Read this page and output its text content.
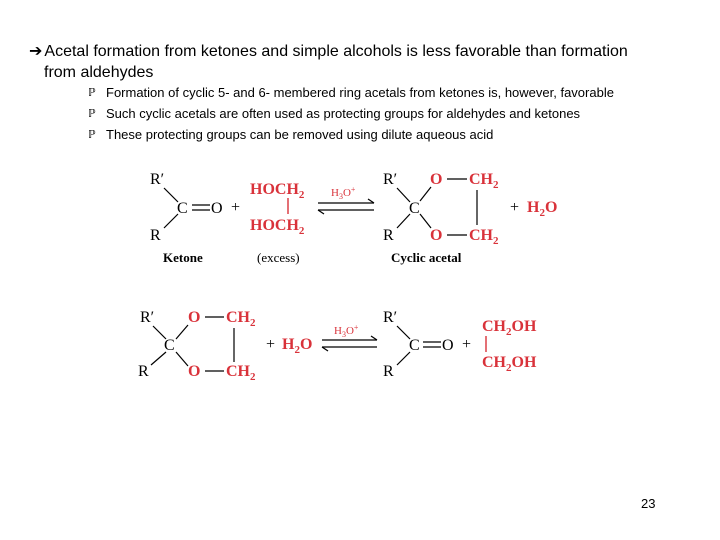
➔ Acetal formation from ketones and simple alcohols is less favorable than formation
from aldehydes
ℙ Formation of cyclic 5- and 6- membered ring acetals from ketones is, however, favorable
ℙ Such cyclic acetals are often used as protecting groups for aldehydes and ketones
ℙ These protecting groups can be removed using dilute aqueous acid
R′
R
C O +
$HOCH_2$
$HOCH_2$
$H_3O^+$
R′
R
C
O
O
$CH_2$
$CH_2$
+ $H_2O$
Ketone	(excess)	Cyclic acetal
R′
R
C
O
O
$CH_2$
$CH_2$
+ $H_2O$
$H_3O^+$
R′
R
C O +
$CH_2OH$
$CH_2OH$
23
